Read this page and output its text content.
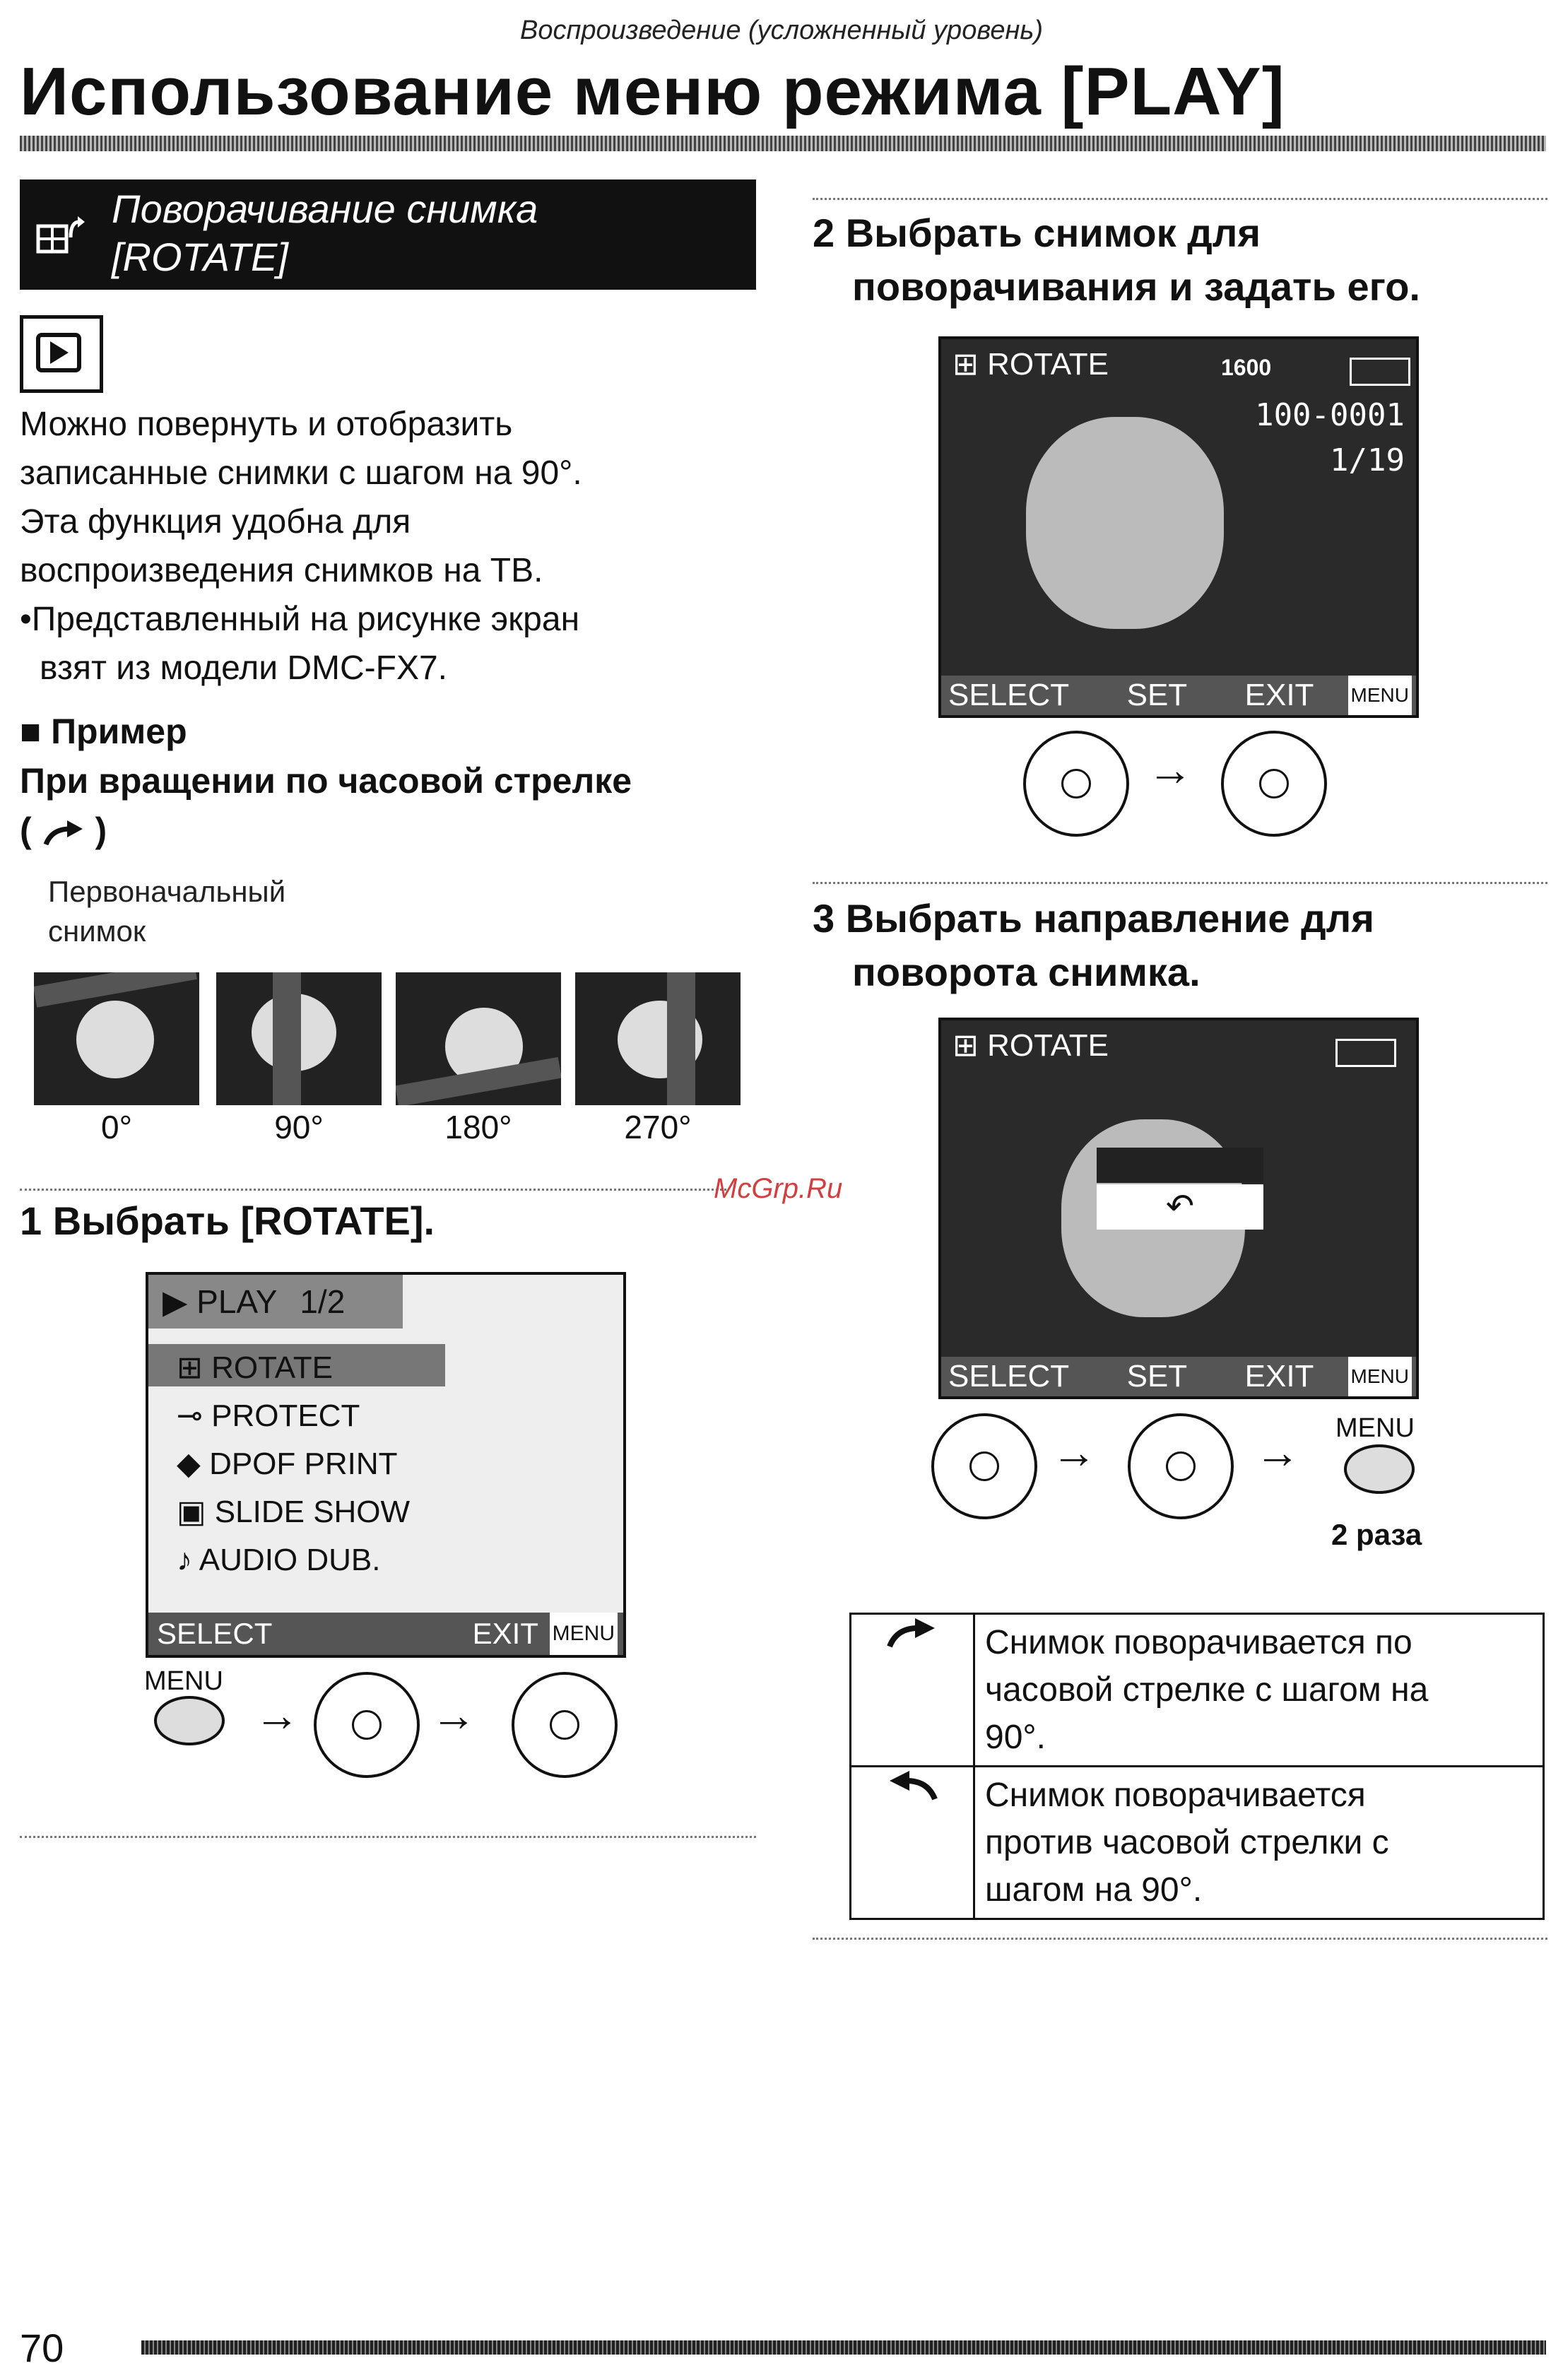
Воспроизведение (усложненный уровень)
Использование меню режима [PLAY]
Поворачивание снимка
[ROTATE]
Можно повернуть и отобразить
записанные снимки с шагом на 90°.
Эта функция удобна для
воспроизведения снимков на ТВ.
•Представленный на рисунке экран
взят из модели DMC-FX7.
■ Пример
При вращении по часовой стрелке
( )
Первоначальный
снимок
0°	90°	180°	270°
McGrp.Ru
1 Выбрать [ROTATE].
▶ PLAY 1/2
⊞ ROTATE
⊸ PROTECT
◆ DPOF PRINT
▣ SLIDE SHOW
♪ AUDIO DUB.
SELECT	EXIT MENU
MENU
→	→
2 Выбрать снимок для
поворачивания и задать его.
⊞ ROTATE	1600
100-0001
1/19
SELECT SET EXIT MENU
→
3 Выбрать направление для
поворота снимка.
⊞ ROTATE
↶
SELECT SET EXIT MENU
→	→ MENU
2 раза

Снимок поворачивается по
часовой стрелке с шагом на
90°.

Снимок поворачивается
против часовой стрелки с
шагом на 90°.
70
